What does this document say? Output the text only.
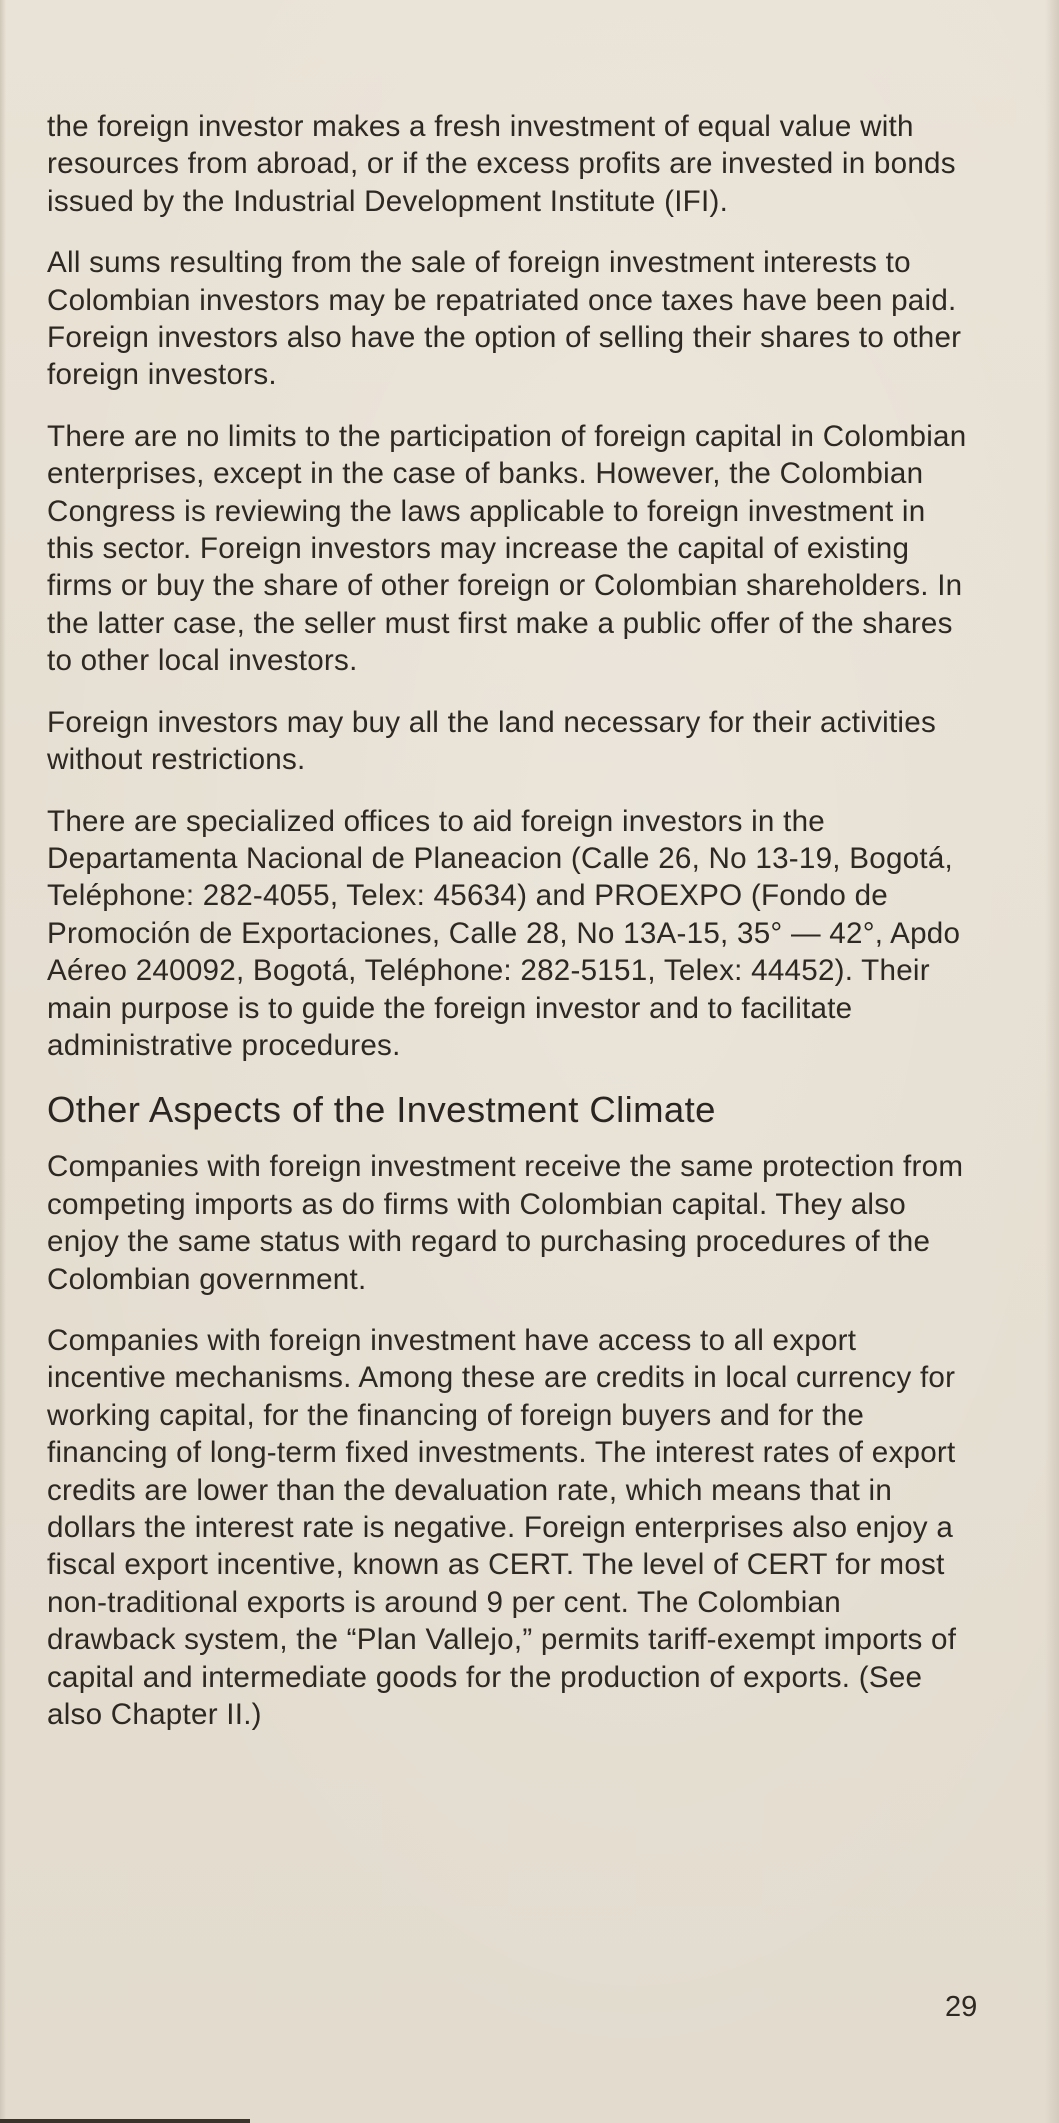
the foreign investor makes a fresh investment of equal value with resources from abroad, or if the excess profits are invested in bonds issued by the Industrial Development Institute (IFI).

All sums resulting from the sale of foreign investment interests to Colombian investors may be repatriated once taxes have been paid. Foreign investors also have the option of selling their shares to other foreign investors.

There are no limits to the participation of foreign capital in Colombian enterprises, except in the case of banks. However, the Colombian Congress is reviewing the laws applicable to foreign investment in this sector. Foreign investors may increase the capital of existing firms or buy the share of other foreign or Colombian shareholders. In the latter case, the seller must first make a public offer of the shares to other local investors.

Foreign investors may buy all the land necessary for their activities without restrictions.

There are specialized offices to aid foreign investors in the Departamenta Nacional de Planeacion (Calle 26, No 13-19, Bogotá, Teléphone: 282-4055, Telex: 45634) and PROEXPO (Fondo de Promoción de Exportaciones, Calle 28, No 13A-15, 35° — 42°, Apdo Aéreo 240092, Bogotá, Teléphone: 282-5151, Telex: 44452). Their main purpose is to guide the foreign investor and to facilitate administrative procedures.

Other Aspects of the Investment Climate

Companies with foreign investment receive the same protection from competing imports as do firms with Colombian capital. They also enjoy the same status with regard to purchasing procedures of the Colombian government.

Companies with foreign investment have access to all export incentive mechanisms. Among these are credits in local currency for working capital, for the financing of foreign buyers and for the financing of long-term fixed investments. The interest rates of export credits are lower than the devaluation rate, which means that in dollars the interest rate is negative. Foreign enterprises also enjoy a fiscal export incentive, known as CERT. The level of CERT for most non-traditional exports is around 9 per cent. The Colombian drawback system, the “Plan Vallejo,” permits tariff-exempt imports of capital and intermediate goods for the production of exports. (See also Chapter II.)

29
